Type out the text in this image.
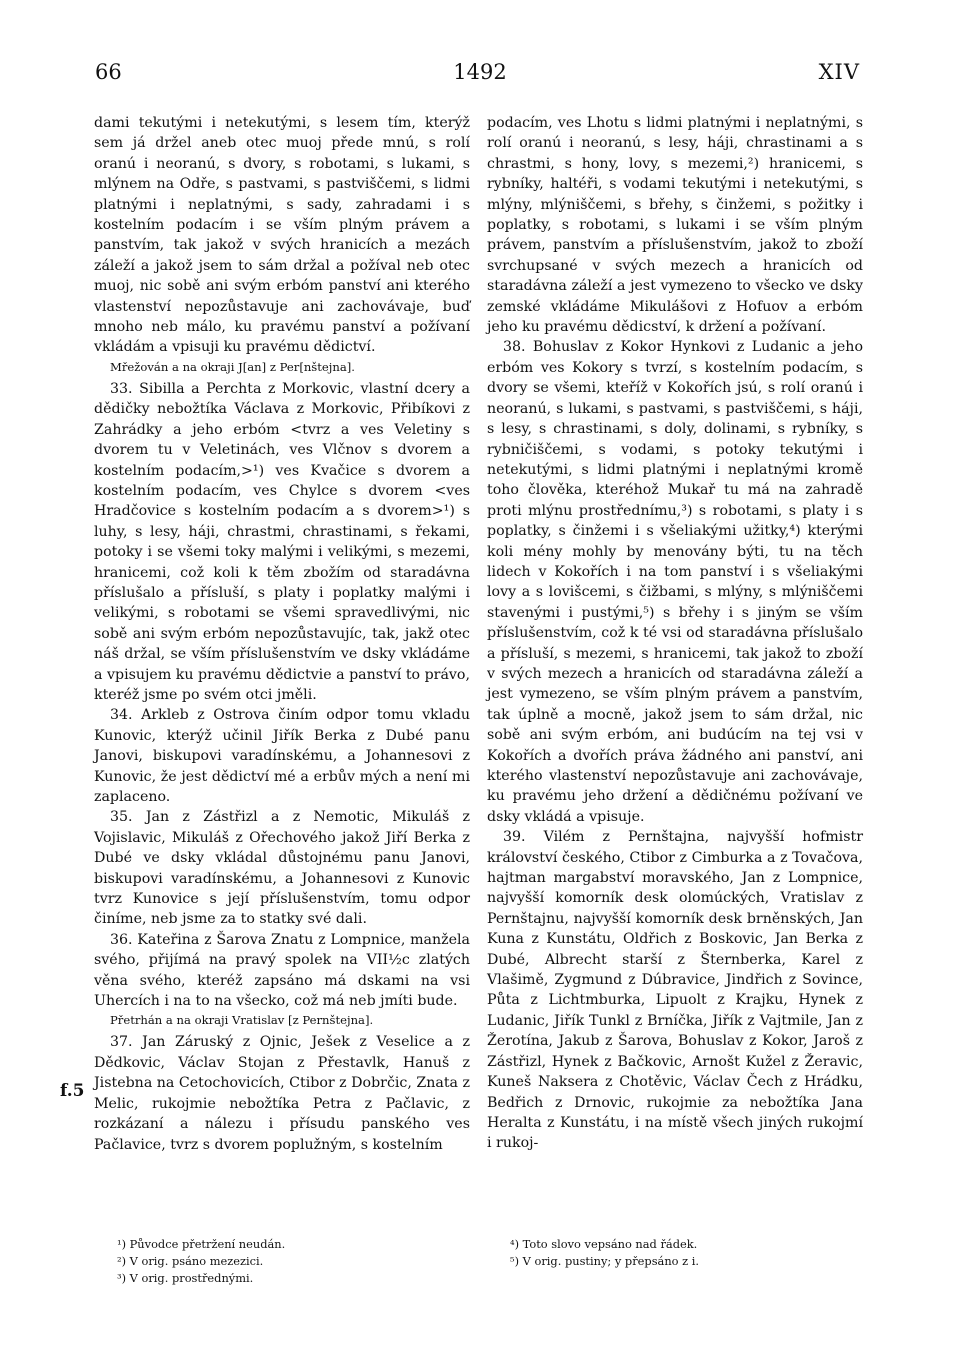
66	1492	XIV

dami tekutými i netekutými, s lesem tím, kterýž sem já držel aneb otec muoj přede mnú, s rolí oranú i neoranú, s dvory, s robotami, s lukami, s mlýnem na Odře, s pastvami, s pastviščemi, s lidmi platnými i neplatnými, s sady, zahradami i s kostelním podacím i se vším plným právem a panstvím, tak jakož v svých hranicích a mezách záleží a jakož jsem to sám držal a požíval neb otec muoj, nic sobě ani svým erbóm panství ani kterého vlastenství nepozůstavuje ani zachovávaje, buď mnoho neb málo, ku pravému panství a požívaní vkládám a vpisuji ku pravému dědictví.

Mřežován a na okraji J[an] z Per[nštejna].

33. Sibilla a Perchta z Morkovic, vlastní dcery a dědičky nebožtíka Václava z Morkovic, Přibíkovi z Zahrádky a jeho erbóm <tvrz a ves Veletiny s dvorem tu v Veletinách, ves Vlčnov s dvorem a kostelním podacím,>¹) ves Kvačice s dvorem a kostelním podacím, ves Chylce s dvorem <ves Hradčovice s kostelním podacím a s dvorem>¹) s luhy, s lesy, háji, chrastmi, chrastinami, s řekami, potoky i se všemi toky malými i velikými, s mezemi, hranicemi, což koli k těm zbožím od staradávna příslušalo a přísluší, s platy i poplatky malými i velikými, s robotami se všemi spravedlivými, nic sobě ani svým erbóm nepozůstavujíc, tak, jakž otec náš držal, se vším příslušenstvím ve dsky vkládáme a vpisujem ku pravému dědictvie a panství to právo, kteréž jsme po svém otci jměli.

34. Arkleb z Ostrova činím odpor tomu vkladu Kunovic, kterýž učinil Jiřík Berka z Dubé panu Janovi, biskupovi varadínskému, a Johannesovi z Kunovic, že jest dědictví mé a erbův mých a není mi zaplaceno.

35. Jan z Zástřizl a z Nemotic, Mikuláš z Vojislavic, Mikuláš z Ořechového jakož Jiří Berka z Dubé ve dsky vkládal důstojnému panu Janovi, biskupovi varadínskému, a Johannesovi z Kunovic tvrz Kunovice s její příslušenstvím, tomu odpor činíme, neb jsme za to statky své dali.

36. Kateřina z Šarova Znatu z Lompnice, manžela svého, přijímá na pravý spolek na VII½c zlatých věna svého, kteréž zapsáno má dskami na vsi Uhercích i na to na všecko, což má neb jmíti bude.

Přetrhán a na okraji Vratislav [z Pernštejna].

37. Jan Záruský z Ojnic, Ješek z Veselice a z Dědkovic, Václav Stojan z Přestavlk, Hanuš z Jistebna na Cetochovicích, Ctibor z Dobrčic, Znata z Melic, rukojmie nebožtíka Petra z Pačlavic, z rozkázaní a nálezu i přísudu panského ves Pačlavice, tvrz s dvorem poplužným, s kostelním

f.5

podacím, ves Lhotu s lidmi platnými i neplatnými, s rolí oranú i neoranú, s lesy, háji, chrastinami a s chrastmi, s hony, lovy, s mezemi,²) hranicemi, s rybníky, haltéři, s vodami tekutými i netekutými, s mlýny, mlýniščemi, s břehy, s činžemi, s požitky i poplatky, s robotami, s lukami i se vším plným právem, panstvím a příslušenstvím, jakož to zboží svrchupsané v svých mezech a hranicích od staradávna záleží a jest vymezeno to všecko ve dsky zemské vkládáme Mikulášovi z Hofuov a erbóm jeho ku pravému dědicství, k držení a požívaní.

38. Bohuslav z Kokor Hynkovi z Ludanic a jeho erbóm ves Kokory s tvrzí, s kostelním podacím, s dvory se všemi, kteříž v Kokořích jsú, s rolí oranú i neoranú, s lukami, s pastvami, s pastviščemi, s háji, s lesy, s chrastinami, s doly, dolinami, s rybníky, s rybničiščemi, s vodami, s potoky tekutými i netekutými, s lidmi platnými i neplatnými kromě toho člověka, kteréhož Mukař tu má na zahradě proti mlýnu prostřednímu,³) s robotami, s platy i s poplatky, s činžemi i s všeliakými užitky,⁴) kterými koli mény mohly by menovány býti, tu na těch lidech v Kokořích i na tom panství i s všeliakými lovy a s lovišcemi, s čižbami, s mlýny, s mlýniščemi stavenými i pustými,⁵) s břehy i s jiným se vším příslušenstvím, což k té vsi od staradávna příslušalo a přísluší, s mezemi, s hranicemi, tak jakož to zboží v svých mezech a hranicích od staradávna záleží a jest vymezeno, se vším plným právem a panstvím, tak úplně a mocně, jakož jsem to sám držal, nic sobě ani svým erbóm, ani budúcím na tej vsi v Kokořích a dvořích práva žádného ani panství, ani kterého vlastenství nepozůstavuje ani zachovávaje, ku pravému jeho držení a dědičnému požívaní ve dsky vkládá a vpisuje.

39. Vilém z Pernštajna, najvyšší hofmistr království českého, Ctibor z Cimburka a z Tovačova, hajtman margabství moravského, Jan z Lompnice, najvyšší komorník desk olomúckých, Vratislav z Pernštajnu, najvyšší komorník desk brněnských, Jan Kuna z Kunstátu, Oldřich z Boskovic, Jan Berka z Dubé, Albrecht starší z Šternberka, Karel z Vlašimě, Zygmund z Dúbravice, Jindřich z Sovince, Půta z Lichtmburka, Lipuolt z Krajku, Hynek z Ludanic, Jiřík Tunkl z Brníčka, Jiřík z Vajtmile, Jan z Žerotína, Jakub z Šarova, Bohuslav z Kokor, Jaroš z Zástřizl, Hynek z Bačkovic, Arnošt Kužel z Žeravic, Kuneš Naksera z Chotěvic, Václav Čech z Hrádku, Bedřich z Drnovic, rukojmie za nebožtíka Jana Heralta z Kunstátu, i na místě všech jiných rukojmí i rukoj-

¹) Původce přetržení neudán.
²) V orig. psáno mezezici.
³) V orig. prostřednými.
⁴) Toto slovo vepsáno nad řádek.
⁵) V orig. pustiny; y přepsáno z i.
